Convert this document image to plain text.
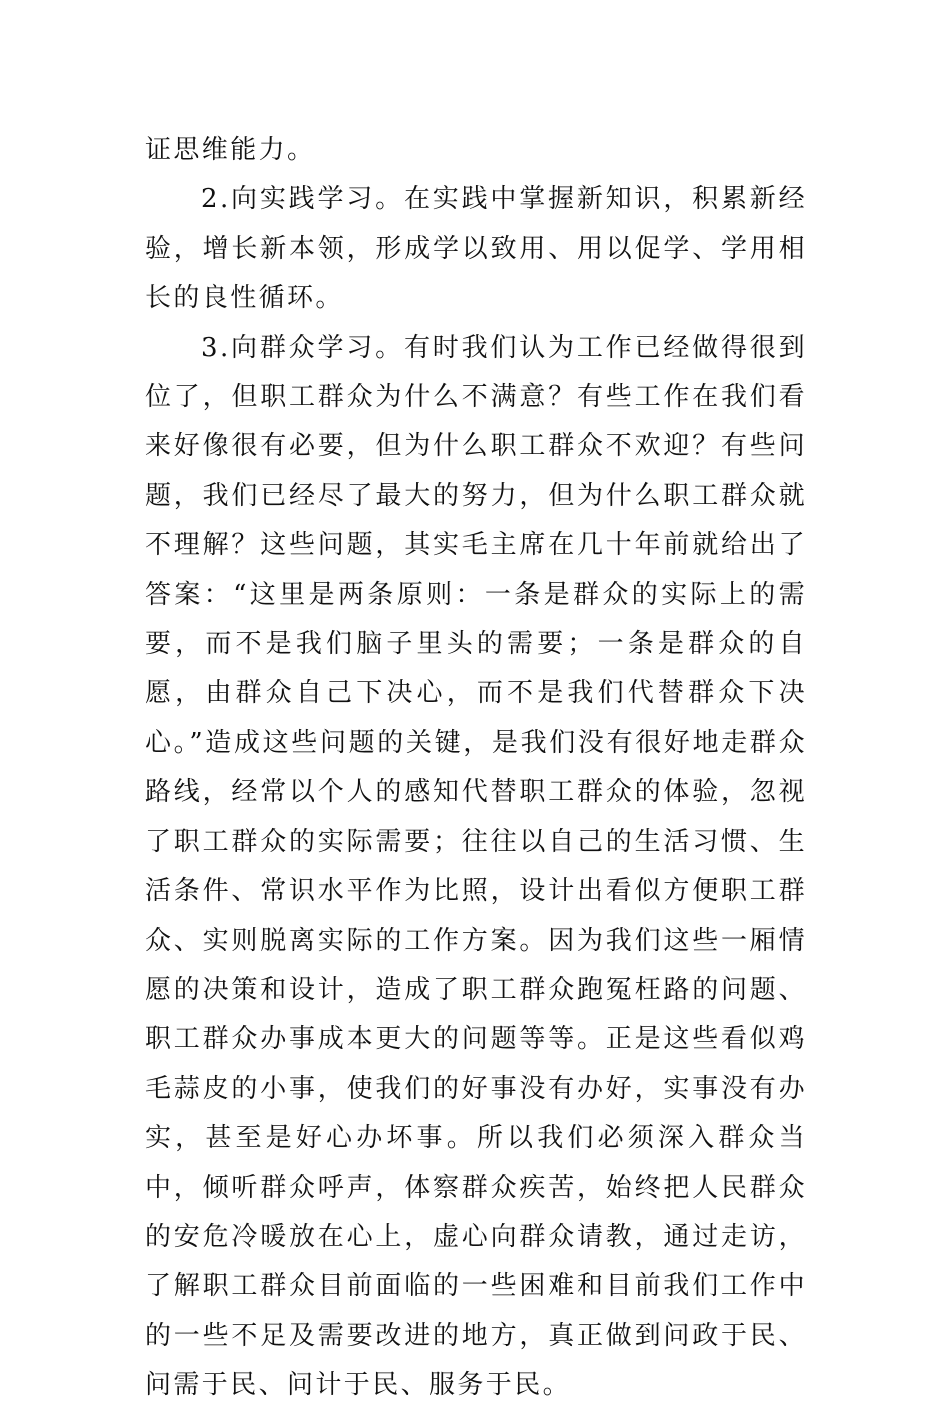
证思维能力。

2.向实践学习。在实践中掌握新知识，积累新经验，增长新本领，形成学以致用、用以促学、学用相长的良性循环。

3.向群众学习。有时我们认为工作已经做得很到位了，但职工群众为什么不满意？有些工作在我们看来好像很有必要，但为什么职工群众不欢迎？有些问题，我们已经尽了最大的努力，但为什么职工群众就不理解？这些问题，其实毛主席在几十年前就给出了答案：“这里是两条原则：一条是群众的实际上的需要，而不是我们脑子里头的需要；一条是群众的自愿，由群众自己下决心，而不是我们代替群众下决心。”造成这些问题的关键，是我们没有很好地走群众路线，经常以个人的感知代替职工群众的体验，忽视了职工群众的实际需要；往往以自己的生活习惯、生活条件、常识水平作为比照，设计出看似方便职工群众、实则脱离实际的工作方案。因为我们这些一厢情愿的决策和设计，造成了职工群众跑冤枉路的问题、职工群众办事成本更大的问题等等。正是这些看似鸡毛蒜皮的小事，使我们的好事没有办好，实事没有办实，甚至是好心办坏事。所以我们必须深入群众当中，倾听群众呼声，体察群众疾苦，始终把人民群众的安危冷暖放在心上，虚心向群众请教，通过走访，了解职工群众目前面临的一些困难和目前我们工作中的一些不足及需要改进的地方，真正做到问政于民、问需于民、问计于民、服务于民。
